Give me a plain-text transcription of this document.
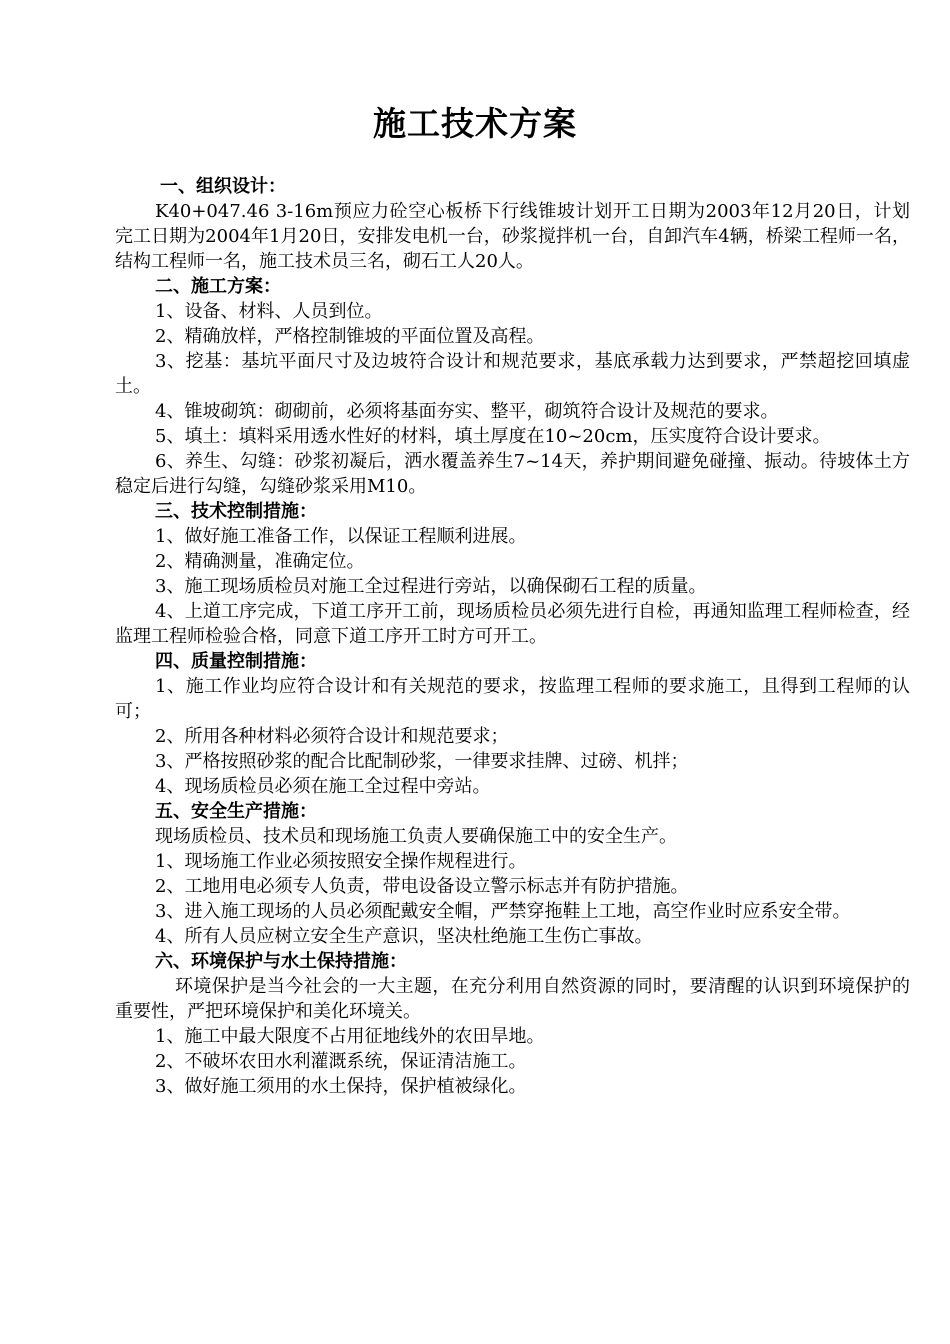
施工技术方案

一、组织设计：

K40+047.46 3-16m预应力砼空心板桥下行线锥坡计划开工日期为2003年12月20日，计划完工日期为2004年1月20日，安排发电机一台，砂浆搅拌机一台，自卸汽车4辆，桥梁工程师一名，结构工程师一名，施工技术员三名，砌石工人20人。

二、施工方案：

1、设备、材料、人员到位。

2、精确放样，严格控制锥坡的平面位置及高程。

3、挖基：基坑平面尺寸及边坡符合设计和规范要求，基底承载力达到要求，严禁超挖回填虚土。

4、锥坡砌筑：砌砌前，必须将基面夯实、整平，砌筑符合设计及规范的要求。

5、填土：填料采用透水性好的材料，填土厚度在10~20cm，压实度符合设计要求。

6、养生、勾缝：砂浆初凝后，洒水覆盖养生7~14天，养护期间避免碰撞、振动。待坡体土方稳定后进行勾缝，勾缝砂浆采用M10。

三、技术控制措施：

1、做好施工准备工作，以保证工程顺利进展。

2、精确测量，准确定位。

3、施工现场质检员对施工全过程进行旁站，以确保砌石工程的质量。

4、上道工序完成，下道工序开工前，现场质检员必须先进行自检，再通知监理工程师检查，经监理工程师检验合格，同意下道工序开工时方可开工。

四、质量控制措施：

1、施工作业均应符合设计和有关规范的要求，按监理工程师的要求施工，且得到工程师的认可；

2、所用各种材料必须符合设计和规范要求；

3、严格按照砂浆的配合比配制砂浆，一律要求挂牌、过磅、机拌；

4、现场质检员必须在施工全过程中旁站。

五、安全生产措施：

现场质检员、技术员和现场施工负责人要确保施工中的安全生产。

1、现场施工作业必须按照安全操作规程进行。

2、工地用电必须专人负责，带电设备设立警示标志并有防护措施。

3、进入施工现场的人员必须配戴安全帽，严禁穿拖鞋上工地，高空作业时应系安全带。

4、所有人员应树立安全生产意识，坚决杜绝施工生伤亡事故。

六、环境保护与水土保持措施：

环境保护是当今社会的一大主题，在充分利用自然资源的同时，要清醒的认识到环境保护的重要性，严把环境保护和美化环境关。

1、施工中最大限度不占用征地线外的农田旱地。

2、不破坏农田水利灌溉系统，保证清洁施工。

3、做好施工须用的水土保持，保护植被绿化。
